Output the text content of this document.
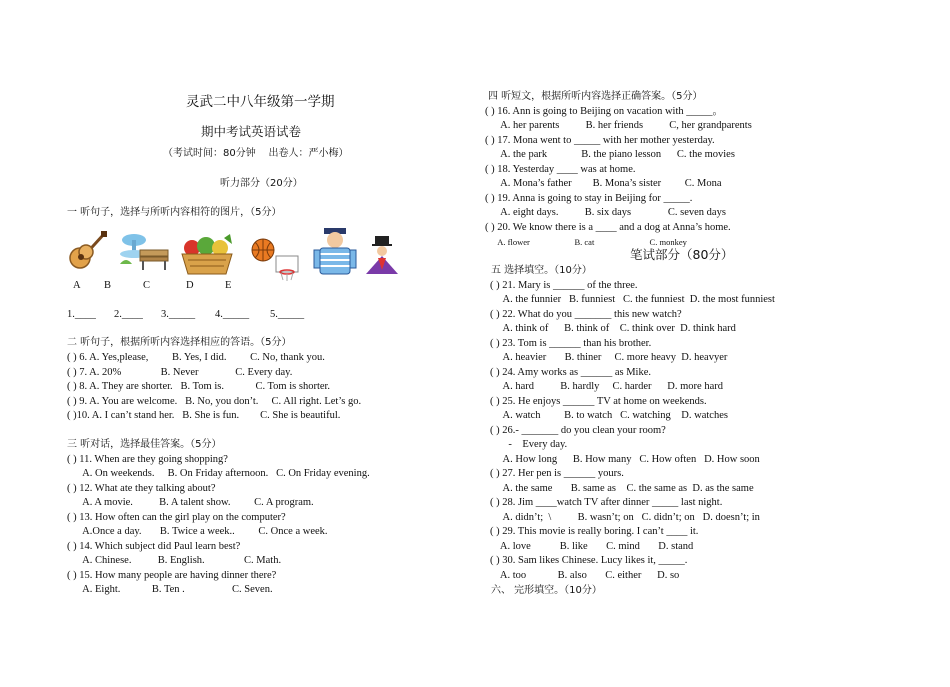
灵武二中八年级第一学期
期中考试英语试卷
（考试时间：80分钟    出卷人：严小梅）
听力部分（20分）
一 听句子，选择与所听内容相符的图片，（5分）
A B	C	D	E
1.____ 2.____ 3._____ 4._____ 5._____
二 听句子，根据所听内容选择相应的答语。（5分）
( ) 6. A. Yes,please,         B. Yes, I did.         C. No, thank you.
( ) 7. A. 20%               B. Never              C. Every day.
( ) 8. A. They are shorter.   B. Tom is.            C. Tom is shorter.
( ) 9. A. You are welcome.   B. No, you don’t.     C. All right. Let’s go.
( )10. A. I can’t stand her.   B. She is fun.        C. She is beautiful.
三 听对话，选择最佳答案。（5分）
( ) 11. When are they going shopping?
A. On weekends.     B. On Friday afternoon.   C. On Friday evening.
( ) 12. What ate they talking about?
A. A movie.          B. A talent show.         C. A program.
( ) 13. How often can the girl play on the computer?
A.Once a day.       B. Twice a week..         C. Once a week.
( ) 14. Which subject did Paul learn best?
A. Chinese.          B. English.               C. Math.
( ) 15. How many people are having dinner there?
A. Eight.            B. Ten .                  C. Seven.
四 听短文，根据所听内容选择正确答案。（5分）
( ) 16. Ann is going to Beijing on vacation with _____。
A. her parents          B. her friends          C, her grandparents
( ) 17. Mona went to _____ with her mother yesterday.
A. the park             B. the piano lesson      C. the movies
( ) 18. Yesterday ____ was at home.
A. Mona’s father        B. Mona’s sister         C. Mona
( ) 19. Anna is going to stay in Beijing for _____.
A. eight days.          B. six days              C. seven days
( ) 20. We know there is a ____ and a dog at Anna’s home.
A. flower                     B. cat                          C. monkey
笔试部分（80分）
五 选择填空。（10分）
( ) 21. Mary is ______ of the three.
A. the funnier   B. funniest   C. the funniest  D. the most funniest
( ) 22. What do you _______ this new watch?
A. think of      B. think of    C. think over  D. think hard
( ) 23. Tom is ______ than his brother.
A. heavier       B. thiner     C. more heavy  D. heavyer
( ) 24. Amy works as ______ as Mike.
A. hard          B. hardly     C. harder      D. more hard
( ) 25. He enjoys ______ TV at home on weekends.
A. watch         B. to watch   C. watching    D. watches
( ) 26.- _______ do you clean your room?
-    Every day.
A. How long      B. How many   C. How often   D. How soon
( ) 27. Her pen is ______ yours.
A. the same       B. same as    C. the same as  D. as the same
( ) 28. Jim ____watch TV after dinner _____ last night.
A. didn’t;  \          B. wasn’t; on   C. didn’t; on   D. doesn’t; in
( ) 29. This movie is really boring. I can’t ____ it.
A. love           B. like       C. mind       D. stand
( ) 30. Sam likes Chinese. Lucy likes it, _____.
A. too            B. also       C. either      D. so
六、 完形填空。（10分）
